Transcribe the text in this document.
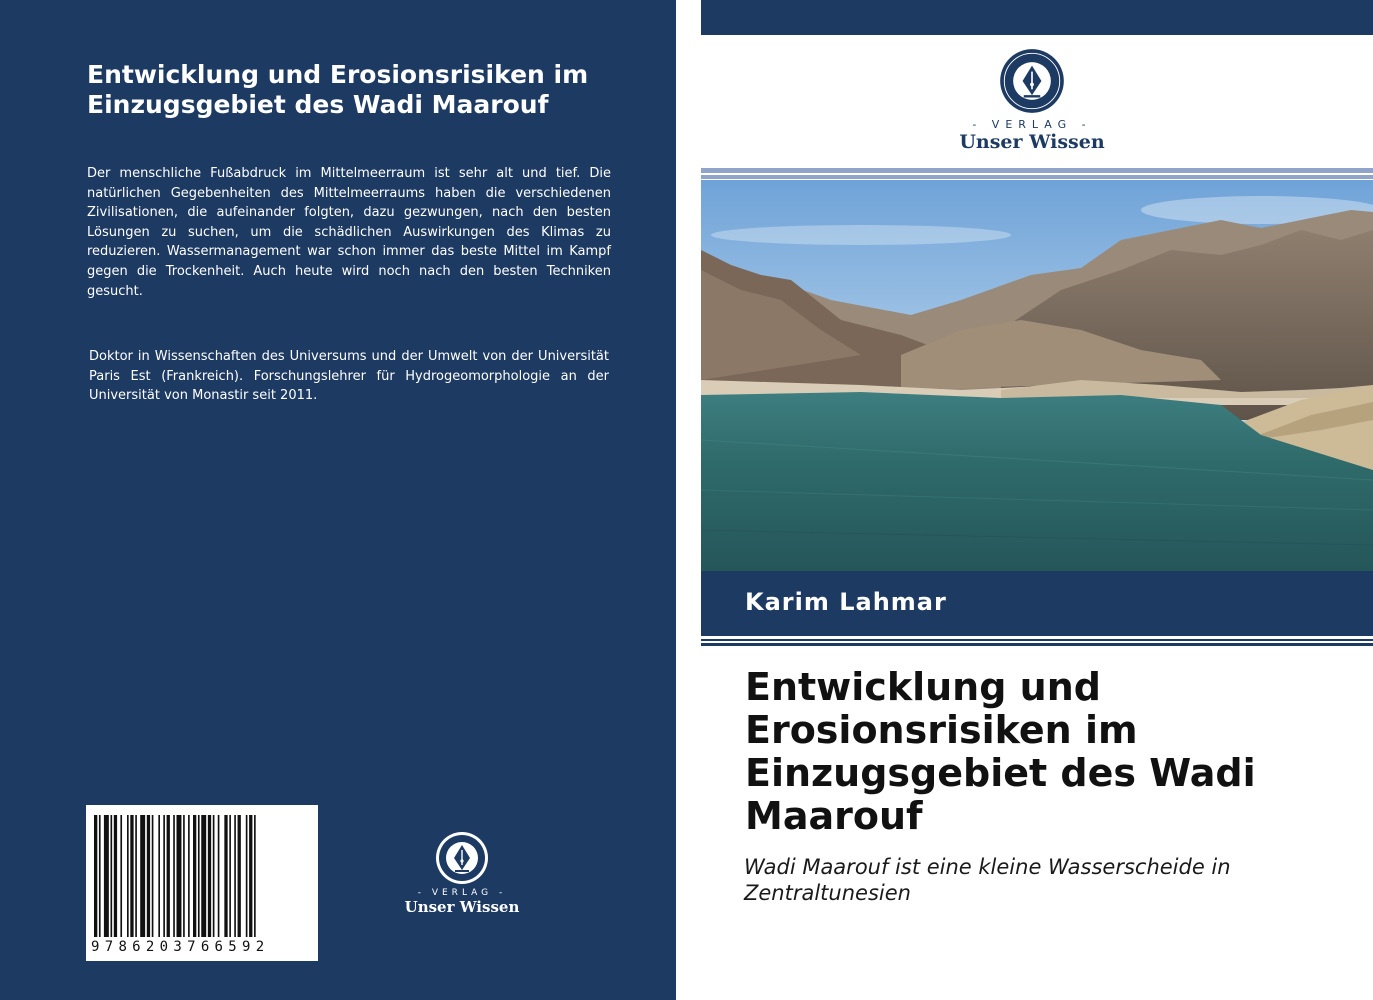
Entwicklung und Erosionsrisiken im Einzugsgebiet des Wadi Maarouf

Der menschliche Fußabdruck im Mittelmeerraum ist sehr alt und tief. Die natürlichen Gegebenheiten des Mittelmeerraums haben die verschiedenen Zivilisationen, die aufeinander folgten, dazu gezwungen, nach den besten Lösungen zu suchen, um die schädlichen Auswirkungen des Klimas zu reduzieren. Wassermanagement war schon immer das beste Mittel im Kampf gegen die Trockenheit. Auch heute wird noch nach den besten Techniken gesucht.

Doktor in Wissenschaften des Universums und der Umwelt von der Universität Paris Est (Frankreich). Forschungslehrer für Hydrogeomorphologie an der Universität von Monastir seit 2011.

9786203766592
- VERLAG -
Unser Wissen
- VERLAG -
Unser Wissen
Karim Lahmar
Entwicklung und Erosionsrisiken im Einzugsgebiet des Wadi Maarouf

Wadi Maarouf ist eine kleine Wasserscheide in Zentraltunesien
